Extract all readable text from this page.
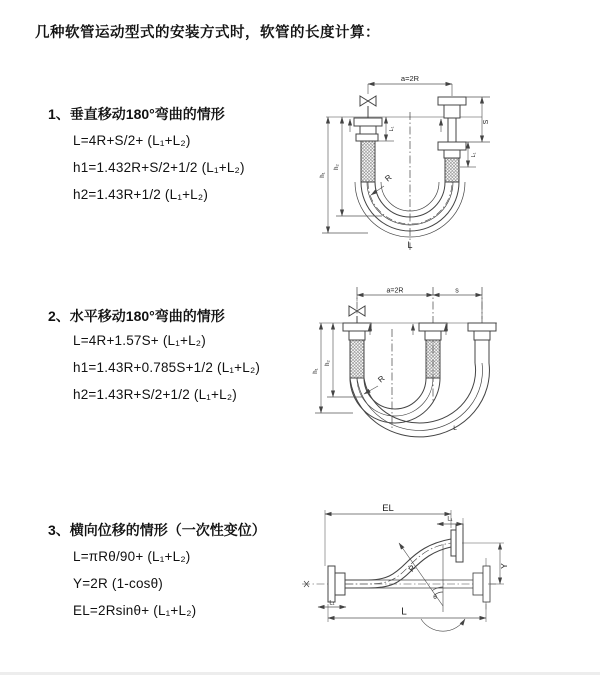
几种软管运动型式的安装方式时，软管的长度计算：
1、垂直移动180°弯曲的情形
L=4R+S/2+ (L₁+L₂)
h1=1.432R+S/2+1/2 (L₁+L₂)
h2=1.43R+1/2 (L₁+L₂)
2、水平移动180°弯曲的情形
L=4R+1.57S+ (L₁+L₂)
h1=1.43R+0.785S+1/2 (L₁+L₂)
h2=1.43R+S/2+1/2 (L₁+L₂)
3、横向位移的情形（一次性变位）
L=πRθ/90+ (L₁+L₂)
Y=2R (1-cosθ)
EL=2Rsinθ+ (L₁+L₂)
a=2R
S
L₁
L₁
h₁
h₂
R
L
a=2R	s
h₁
h₂
R
L
EL
L₁
Y
R
θ
L
L₁
